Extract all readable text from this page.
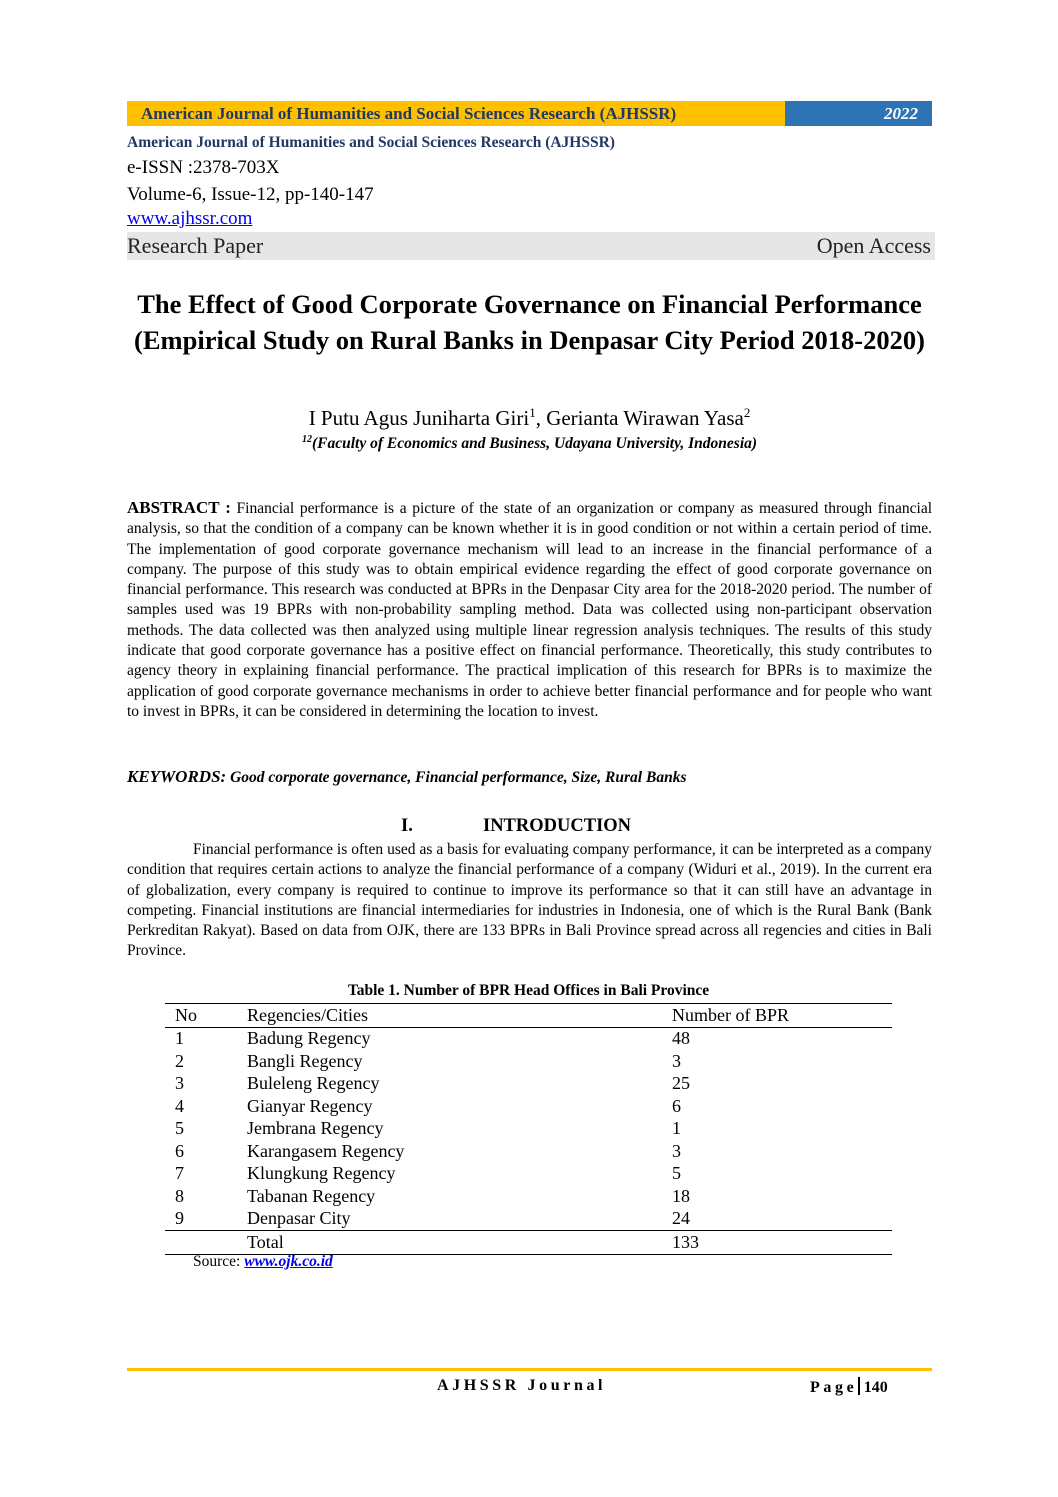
American Journal of Humanities and Social Sciences Research (AJHSSR)	2022
American Journal of Humanities and Social Sciences Research (AJHSSR)
e-ISSN :2378-703X
Volume-6, Issue-12, pp-140-147
www.ajhssr.com
Research Paper	Open Access
The Effect of Good Corporate Governance on Financial Performance (Empirical Study on Rural Banks in Denpasar City Period 2018-2020)
I Putu Agus Juniharta Giri$^1$, Gerianta Wirawan Yasa$^2$
$^{12}$(Faculty of Economics and Business, Udayana University, Indonesia)
ABSTRACT : Financial performance is a picture of the state of an organization or company as measured through financial analysis, so that the condition of a company can be known whether it is in good condition or not within a certain period of time. The implementation of good corporate governance mechanism will lead to an increase in the financial performance of a company. The purpose of this study was to obtain empirical evidence regarding the effect of good corporate governance on financial performance. This research was conducted at BPRs in the Denpasar City area for the 2018-2020 period. The number of samples used was 19 BPRs with non-probability sampling method. Data was collected using non-participant observation methods. The data collected was then analyzed using multiple linear regression analysis techniques. The results of this study indicate that good corporate governance has a positive effect on financial performance. Theoretically, this study contributes to agency theory in explaining financial performance. The practical implication of this research for BPRs is to maximize the application of good corporate governance mechanisms in order to achieve better financial performance and for people who want to invest in BPRs, it can be considered in determining the location to invest.
KEYWORDS: Good corporate governance, Financial performance, Size, Rural Banks
I.	INTRODUCTION
Financial performance is often used as a basis for evaluating company performance, it can be interpreted as a company condition that requires certain actions to analyze the financial performance of a company (Widuri et al., 2019). In the current era of globalization, every company is required to continue to improve its performance so that it can still have an advantage in competing. Financial institutions are financial intermediaries for industries in Indonesia, one of which is the Rural Bank (Bank Perkreditan Rakyat). Based on data from OJK, there are 133 BPRs in Bali Province spread across all regencies and cities in Bali Province.
Table 1. Number of BPR Head Offices in Bali Province
No	Regencies/Cities	Number of BPR
1	Badung Regency	48
2	Bangli Regency	3
3	Buleleng Regency	25
4	Gianyar Regency	6
5	Jembrana Regency	1
6	Karangasem Regency	3
7	Klungkung Regency	5
8	Tabanan Regency	18
9	Denpasar City	24
	Total	133
Source: www.ojk.co.id
AJHSSR Journal	Page 140
